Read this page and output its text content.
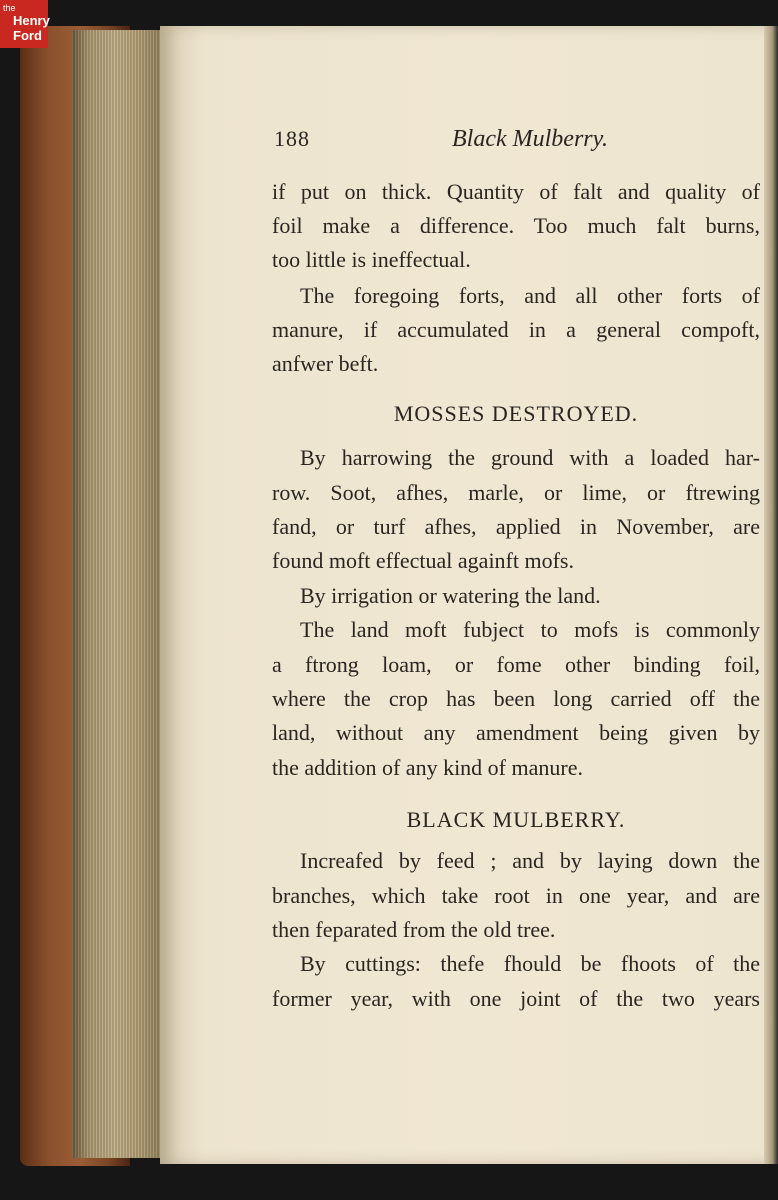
the
Henry
Ford
188	Black Mulberry.
if put on thick. Quantity of falt and quality of
foil make a difference. Too much falt burns,
too little is ineffectual.
The foregoing forts, and all other forts of
manure, if accumulated in a general compoft,
anfwer beft.
MOSSES DESTROYED.
By harrowing the ground with a loaded har-
row. Soot, afhes, marle, or lime, or ftrewing
fand, or turf afhes, applied in November, are
found moft effectual againft mofs.
By irrigation or watering the land.
The land moft fubject to mofs is commonly
a ftrong loam, or fome other binding foil,
where the crop has been long carried off the
land, without any amendment being given by
the addition of any kind of manure.
BLACK MULBERRY.
Increafed by feed ; and by laying down the
branches, which take root in one year, and are
then feparated from the old tree.
By cuttings: thefe fhould be fhoots of the
former year, with one joint of the two years
